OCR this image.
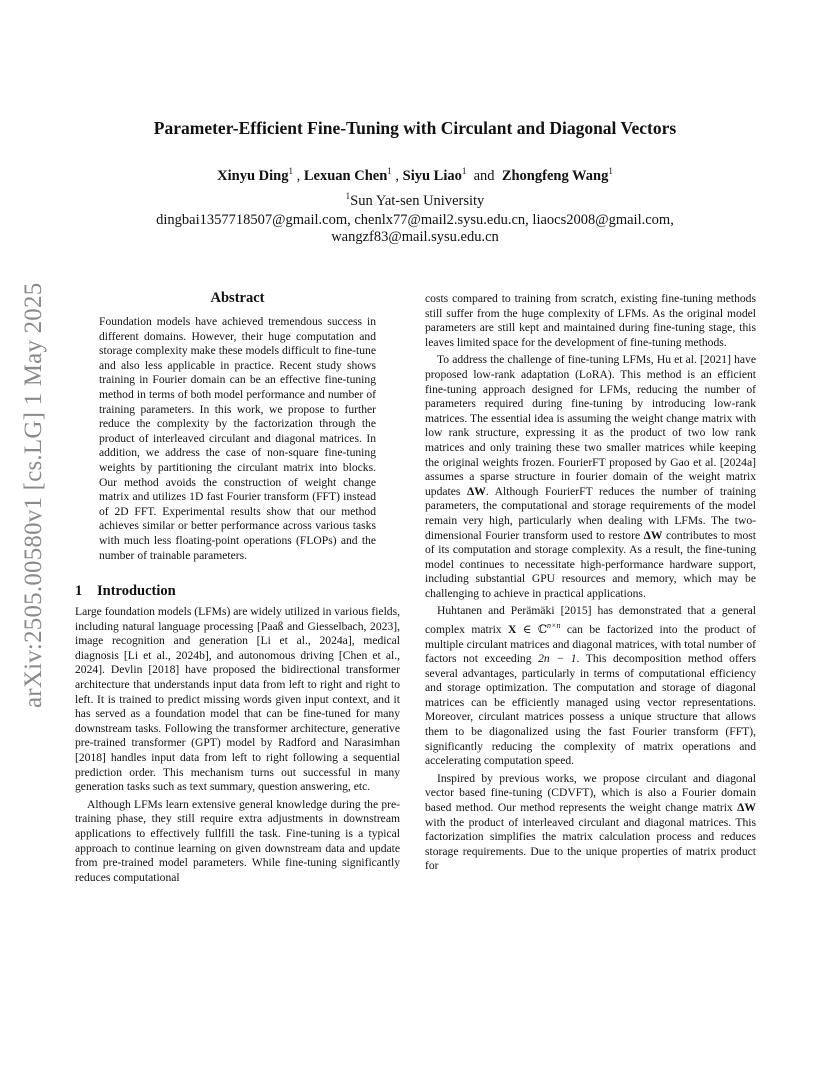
arXiv:2505.00580v1 [cs.LG] 1 May 2025
Parameter-Efficient Fine-Tuning with Circulant and Diagonal Vectors
Xinyu Ding$^1$ , Lexuan Chen$^1$ , Siyu Liao$^1$ and Zhongfeng Wang$^1$
$^1$Sun Yat-sen University
dingbai1357718507@gmail.com, chenlx77@mail2.sysu.edu.cn, liaocs2008@gmail.com,
wangzf83@mail.sysu.edu.cn
Abstract

Foundation models have achieved tremendous success in different domains. However, their huge computation and storage complexity make these models difficult to fine-tune and also less applicable in practice. Recent study shows training in Fourier domain can be an effective fine-tuning method in terms of both model performance and number of training parameters. In this work, we propose to further reduce the complexity by the factorization through the product of interleaved circulant and diagonal matrices. In addition, we address the case of non-square fine-tuning weights by partitioning the circulant matrix into blocks. Our method avoids the construction of weight change matrix and utilizes 1D fast Fourier transform (FFT) instead of 2D FFT. Experimental results show that our method achieves similar or better performance across various tasks with much less floating-point operations (FLOPs) and the number of trainable parameters.

1 Introduction

Large foundation models (LFMs) are widely utilized in various fields, including natural language processing [Paaß and Giesselbach, 2023], image recognition and generation [Li et al., 2024a], medical diagnosis [Li et al., 2024b], and autonomous driving [Chen et al., 2024]. Devlin [2018] have proposed the bidirectional transformer architecture that understands input data from left to right and right to left. It is trained to predict missing words given input context, and it has served as a foundation model that can be fine-tuned for many downstream tasks. Following the transformer architecture, generative pre-trained transformer (GPT) model by Radford and Narasimhan [2018] handles input data from left to right following a sequential prediction order. This mechanism turns out successful in many generation tasks such as text summary, question answering, etc.

Although LFMs learn extensive general knowledge during the pre-training phase, they still require extra adjustments in downstream applications to effectively fullfill the task. Fine-tuning is a typical approach to continue learning on given downstream data and update from pre-trained model parameters. While fine-tuning significantly reduces computational

costs compared to training from scratch, existing fine-tuning methods still suffer from the huge complexity of LFMs. As the original model parameters are still kept and maintained during fine-tuning stage, this leaves limited space for the development of fine-tuning methods.

To address the challenge of fine-tuning LFMs, Hu et al. [2021] have proposed low-rank adaptation (LoRA). This method is an efficient fine-tuning approach designed for LFMs, reducing the number of parameters required during fine-tuning by introducing low-rank matrices. The essential idea is assuming the weight change matrix with low rank structure, expressing it as the product of two low rank matrices and only training these two smaller matrices while keeping the original weights frozen. FourierFT proposed by Gao et al. [2024a] assumes a sparse structure in fourier domain of the weight matrix updates ΔW. Although FourierFT reduces the number of training parameters, the computational and storage requirements of the model remain very high, particularly when dealing with LFMs. The two-dimensional Fourier transform used to restore ΔW contributes to most of its computation and storage complexity. As a result, the fine-tuning model continues to necessitate high-performance hardware support, including substantial GPU resources and memory, which may be challenging to achieve in practical applications.

Huhtanen and Perämäki [2015] has demonstrated that a general complex matrix X ∈ ℂ$^{n\times n}$ can be factorized into the product of multiple circulant matrices and diagonal matrices, with total number of factors not exceeding 2n − 1. This decomposition method offers several advantages, particularly in terms of computational efficiency and storage optimization. The computation and storage of diagonal matrices can be efficiently managed using vector representations. Moreover, circulant matrices possess a unique structure that allows them to be diagonalized using the fast Fourier transform (FFT), significantly reducing the complexity of matrix operations and accelerating computation speed.

Inspired by previous works, we propose circulant and diagonal vector based fine-tuning (CDVFT), which is also a Fourier domain based method. Our method represents the weight change matrix ΔW with the product of interleaved circulant and diagonal matrices. This factorization simplifies the matrix calculation process and reduces storage requirements. Due to the unique properties of matrix product for
